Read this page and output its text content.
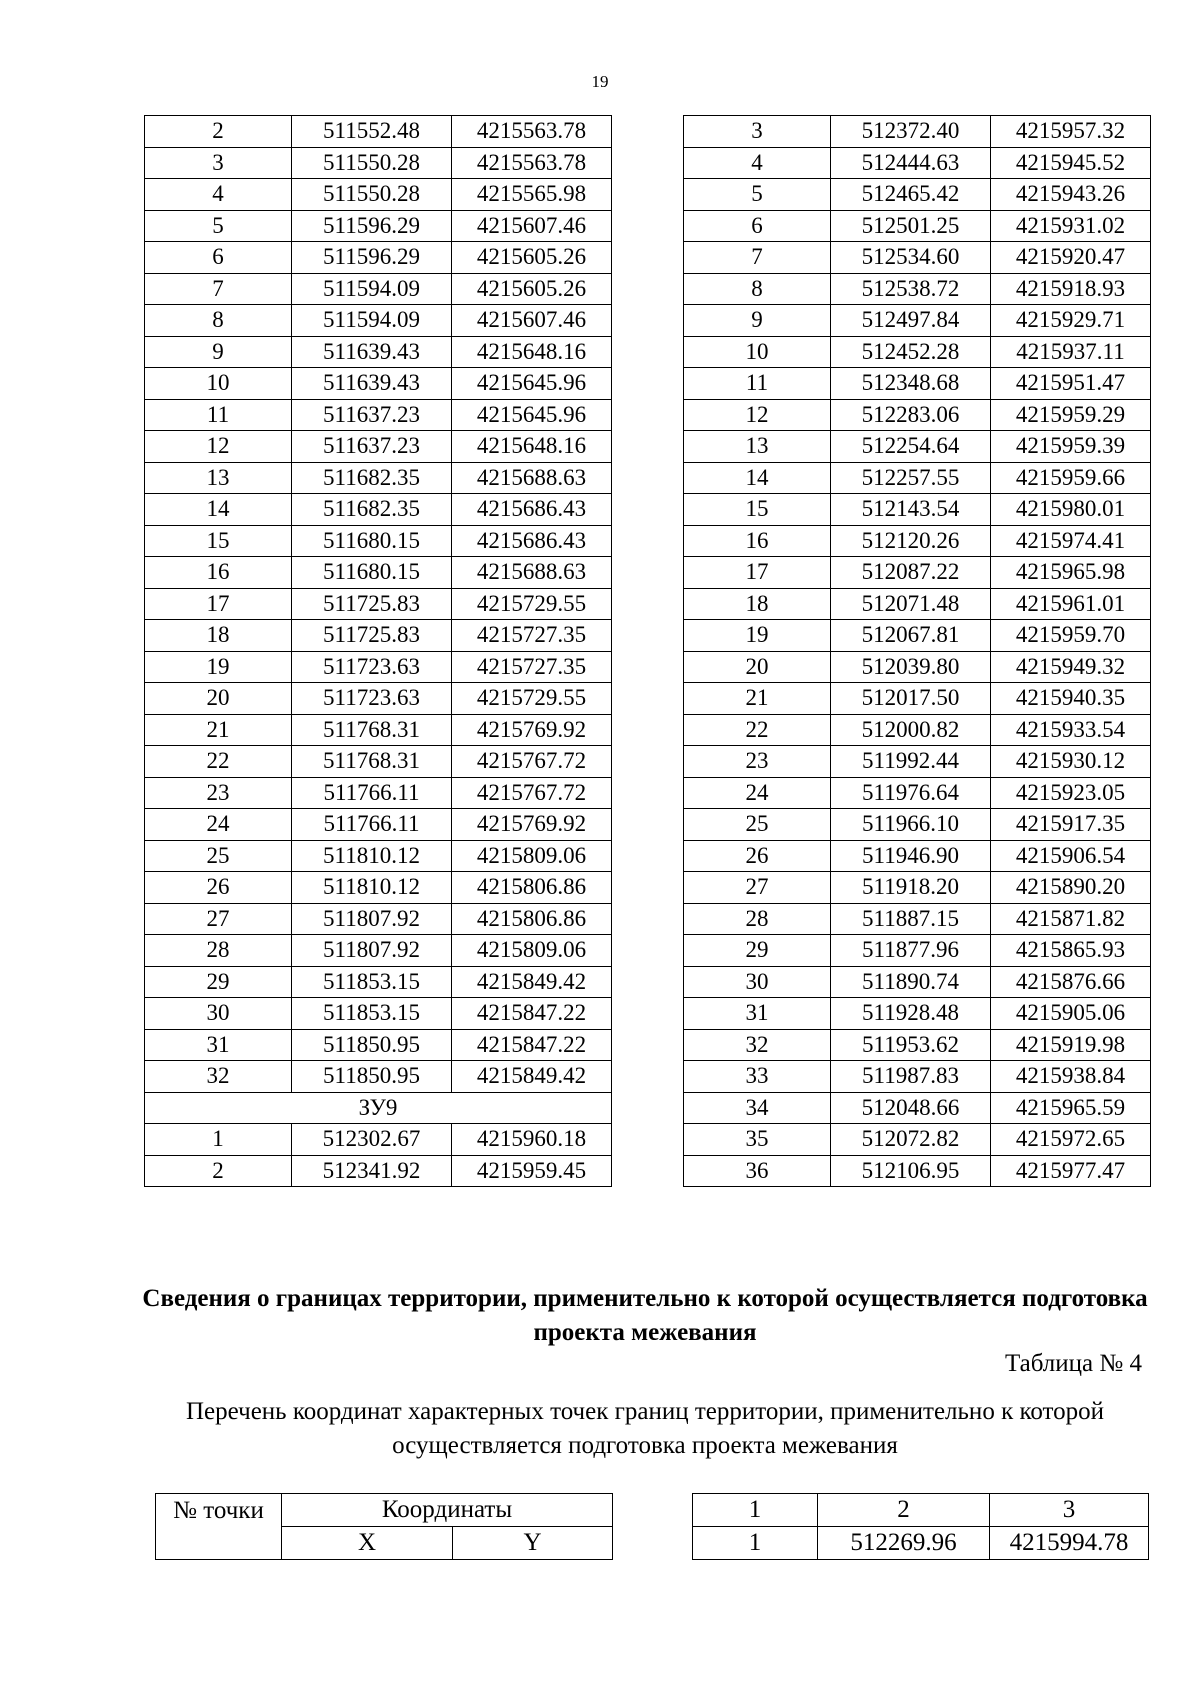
19
2	511552.48	4215563.78
3	511550.28	4215563.78
4	511550.28	4215565.98
5	511596.29	4215607.46
6	511596.29	4215605.26
7	511594.09	4215605.26
8	511594.09	4215607.46
9	511639.43	4215648.16
10	511639.43	4215645.96
11	511637.23	4215645.96
12	511637.23	4215648.16
13	511682.35	4215688.63
14	511682.35	4215686.43
15	511680.15	4215686.43
16	511680.15	4215688.63
17	511725.83	4215729.55
18	511725.83	4215727.35
19	511723.63	4215727.35
20	511723.63	4215729.55
21	511768.31	4215769.92
22	511768.31	4215767.72
23	511766.11	4215767.72
24	511766.11	4215769.92
25	511810.12	4215809.06
26	511810.12	4215806.86
27	511807.92	4215806.86
28	511807.92	4215809.06
29	511853.15	4215849.42
30	511853.15	4215847.22
31	511850.95	4215847.22
32	511850.95	4215849.42
ЗУ9		
1	512302.67	4215960.18
2	512341.92	4215959.45
3	512372.40	4215957.32
4	512444.63	4215945.52
5	512465.42	4215943.26
6	512501.25	4215931.02
7	512534.60	4215920.47
8	512538.72	4215918.93
9	512497.84	4215929.71
10	512452.28	4215937.11
11	512348.68	4215951.47
12	512283.06	4215959.29
13	512254.64	4215959.39
14	512257.55	4215959.66
15	512143.54	4215980.01
16	512120.26	4215974.41
17	512087.22	4215965.98
18	512071.48	4215961.01
19	512067.81	4215959.70
20	512039.80	4215949.32
21	512017.50	4215940.35
22	512000.82	4215933.54
23	511992.44	4215930.12
24	511976.64	4215923.05
25	511966.10	4215917.35
26	511946.90	4215906.54
27	511918.20	4215890.20
28	511887.15	4215871.82
29	511877.96	4215865.93
30	511890.74	4215876.66
31	511928.48	4215905.06
32	511953.62	4215919.98
33	511987.83	4215938.84
34	512048.66	4215965.59
35	512072.82	4215972.65
36	512106.95	4215977.47
Сведения о границах территории, применительно к которой осуществляется подготовка проекта межевания
Таблица № 4
Перечень координат характерных точек границ территории, применительно к которой осуществляется подготовка проекта межевания
№ точки	Координаты	
	X	Y
1	2	3
1	512269.96	4215994.78
